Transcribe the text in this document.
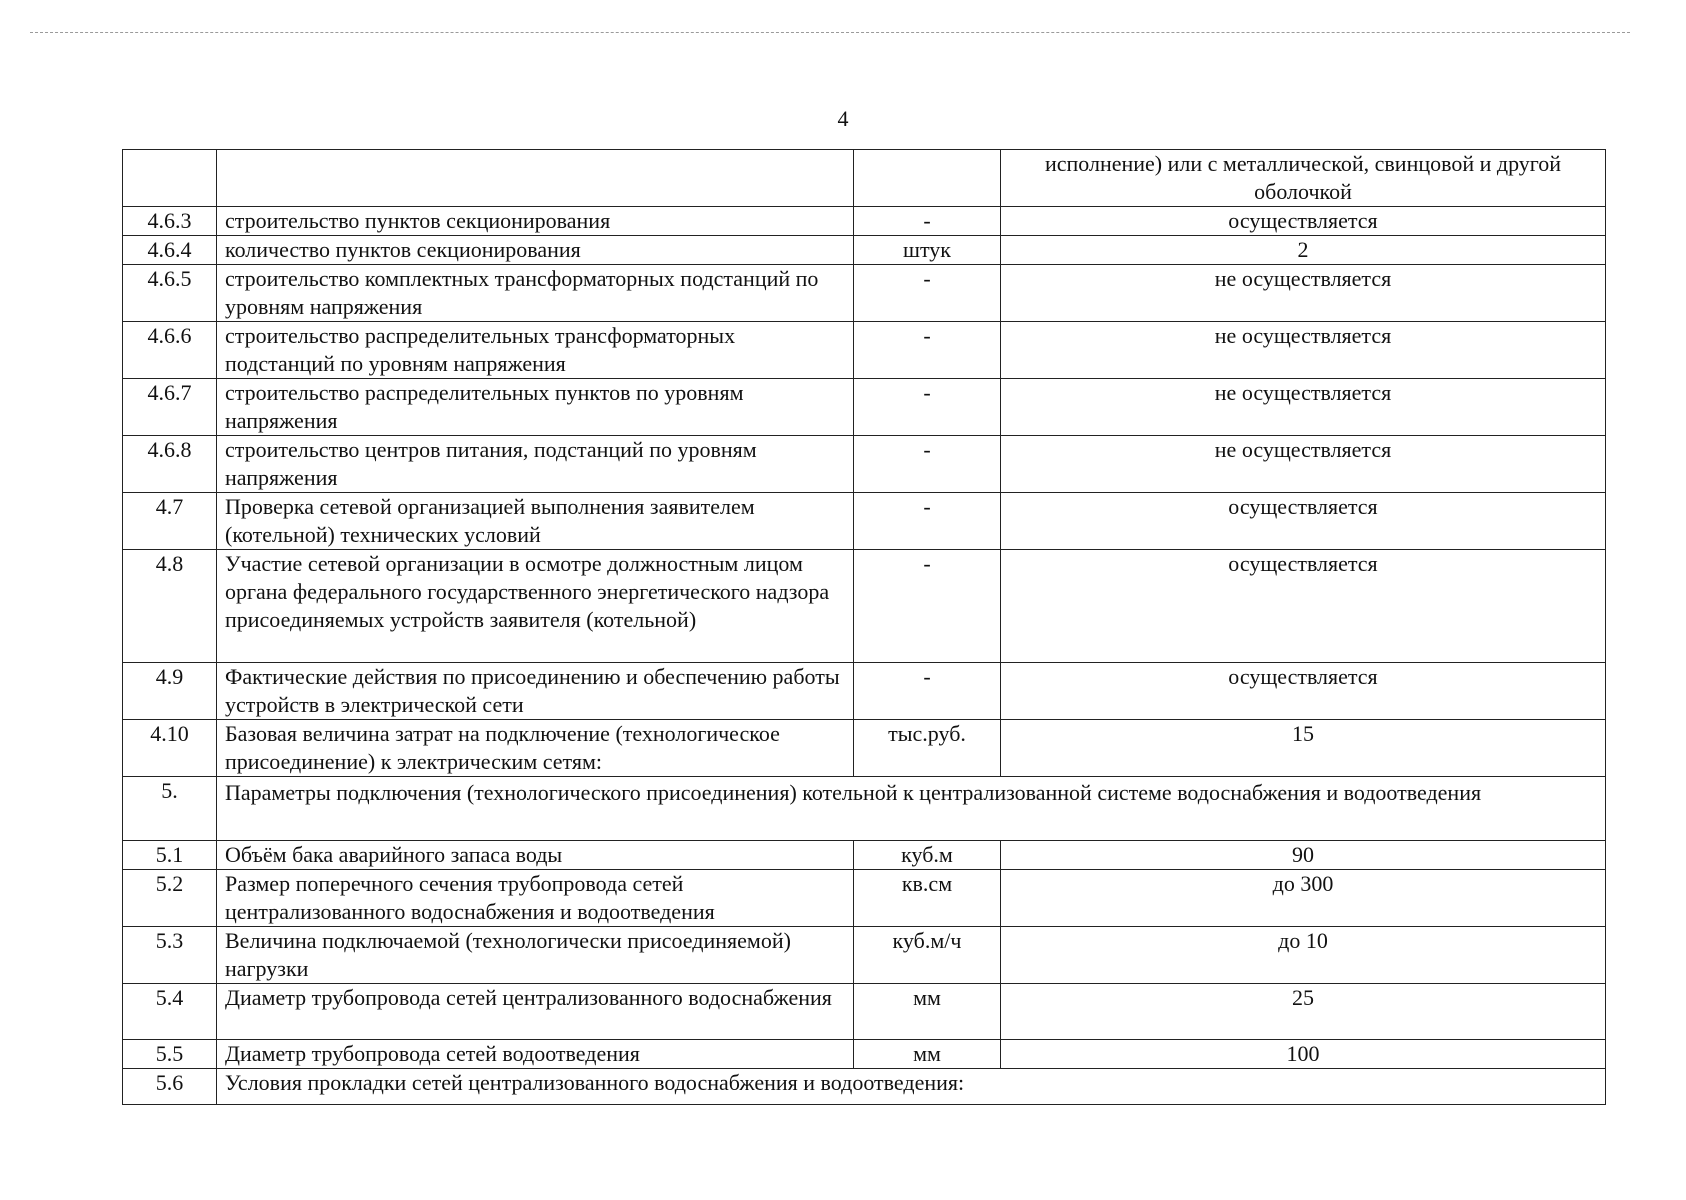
4
			исполнение) или с металлической, свинцовой и другой оболочкой
4.6.3	строительство пунктов секционирования	-	осуществляется
4.6.4	количество пунктов секционирования	штук	2
4.6.5	строительство комплектных трансформаторных подстанций по уровням напряжения	-	не осуществляется
4.6.6	строительство распределительных трансформаторных подстанций по уровням напряжения	-	не осуществляется
4.6.7	строительство распределительных пунктов по уровням напряжения	-	не осуществляется
4.6.8	строительство центров питания, подстанций по уровням напряжения	-	не осуществляется
4.7	Проверка сетевой организацией выполнения заявителем (котельной) технических условий	-	осуществляется
4.8	Участие сетевой организации в осмотре должностным лицом органа федерального государственного энергетического надзора присоединяемых устройств заявителя (котельной)	-	осуществляется
4.9	Фактические действия по присоединению и обеспечению работы устройств в электрической сети	-	осуществляется
4.10	Базовая величина затрат на подключение (технологическое присоединение) к электрическим сетям:	тыс.руб.	15
5.	Параметры подключения (технологического присоединения) котельной к централизованной системе водоснабжения и водоотведения		
5.1	Объём бака аварийного запаса воды	куб.м	90
5.2	Размер поперечного сечения трубопровода сетей централизованного водоснабжения и водоотведения	кв.см	до 300
5.3	Величина подключаемой (технологически присоединяемой) нагрузки	куб.м/ч	до 10
5.4	Диаметр трубопровода сетей централизованного водоснабжения	мм	25
5.5	Диаметр трубопровода сетей водоотведения	мм	100
5.6	Условия прокладки сетей централизованного водоснабжения и водоотведения:		
